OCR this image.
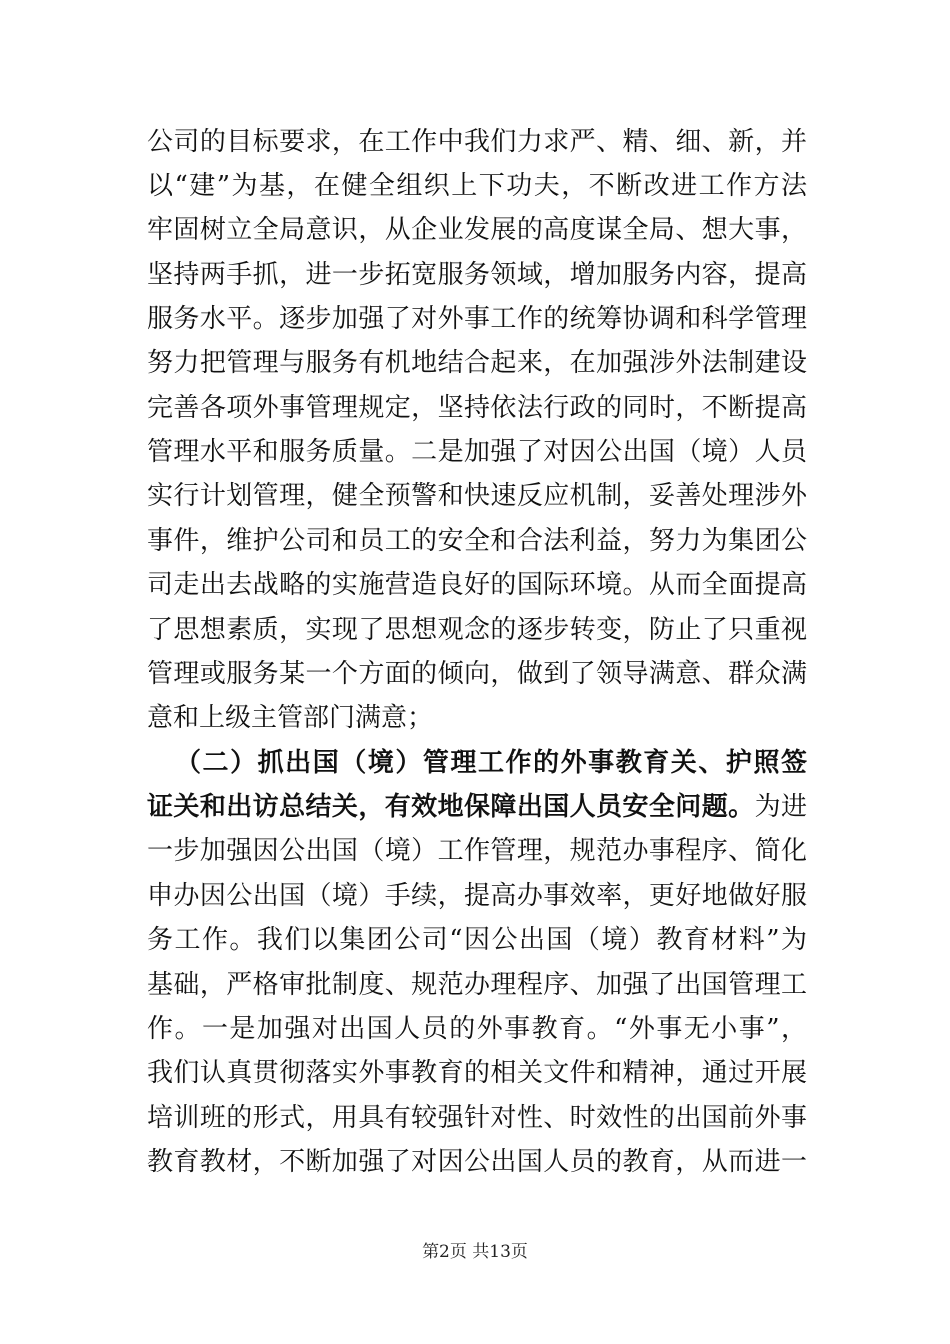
公司的目标要求，在工作中我们力求严、精、细、新，并
以“建”为基，在健全组织上下功夫，不断改进工作方法
牢固树立全局意识，从企业发展的高度谋全局、想大事，
坚持两手抓，进一步拓宽服务领域，增加服务内容，提高
服务水平。逐步加强了对外事工作的统筹协调和科学管理
努力把管理与服务有机地结合起来，在加强涉外法制建设
完善各项外事管理规定，坚持依法行政的同时，不断提高
管理水平和服务质量。二是加强了对因公出国（境）人员
实行计划管理，健全预警和快速反应机制，妥善处理涉外
事件，维护公司和员工的安全和合法利益，努力为集团公
司走出去战略的实施营造良好的国际环境。从而全面提高
了思想素质，实现了思想观念的逐步转变，防止了只重视
管理或服务某一个方面的倾向，做到了领导满意、群众满
意和上级主管部门满意；
（二）抓出国（境）管理工作的外事教育关、护照签
证关和出访总结关，有效地保障出国人员安全问题。为进
一步加强因公出国（境）工作管理，规范办事程序、简化
申办因公出国（境）手续，提高办事效率，更好地做好服
务工作。我们以集团公司“因公出国（境）教育材料”为
基础，严格审批制度、规范办理程序、加强了出国管理工
作。一是加强对出国人员的外事教育。“外事无小事”，
我们认真贯彻落实外事教育的相关文件和精神，通过开展
培训班的形式，用具有较强针对性、时效性的出国前外事
教育教材，不断加强了对因公出国人员的教育，从而进一
第2页 共13页
